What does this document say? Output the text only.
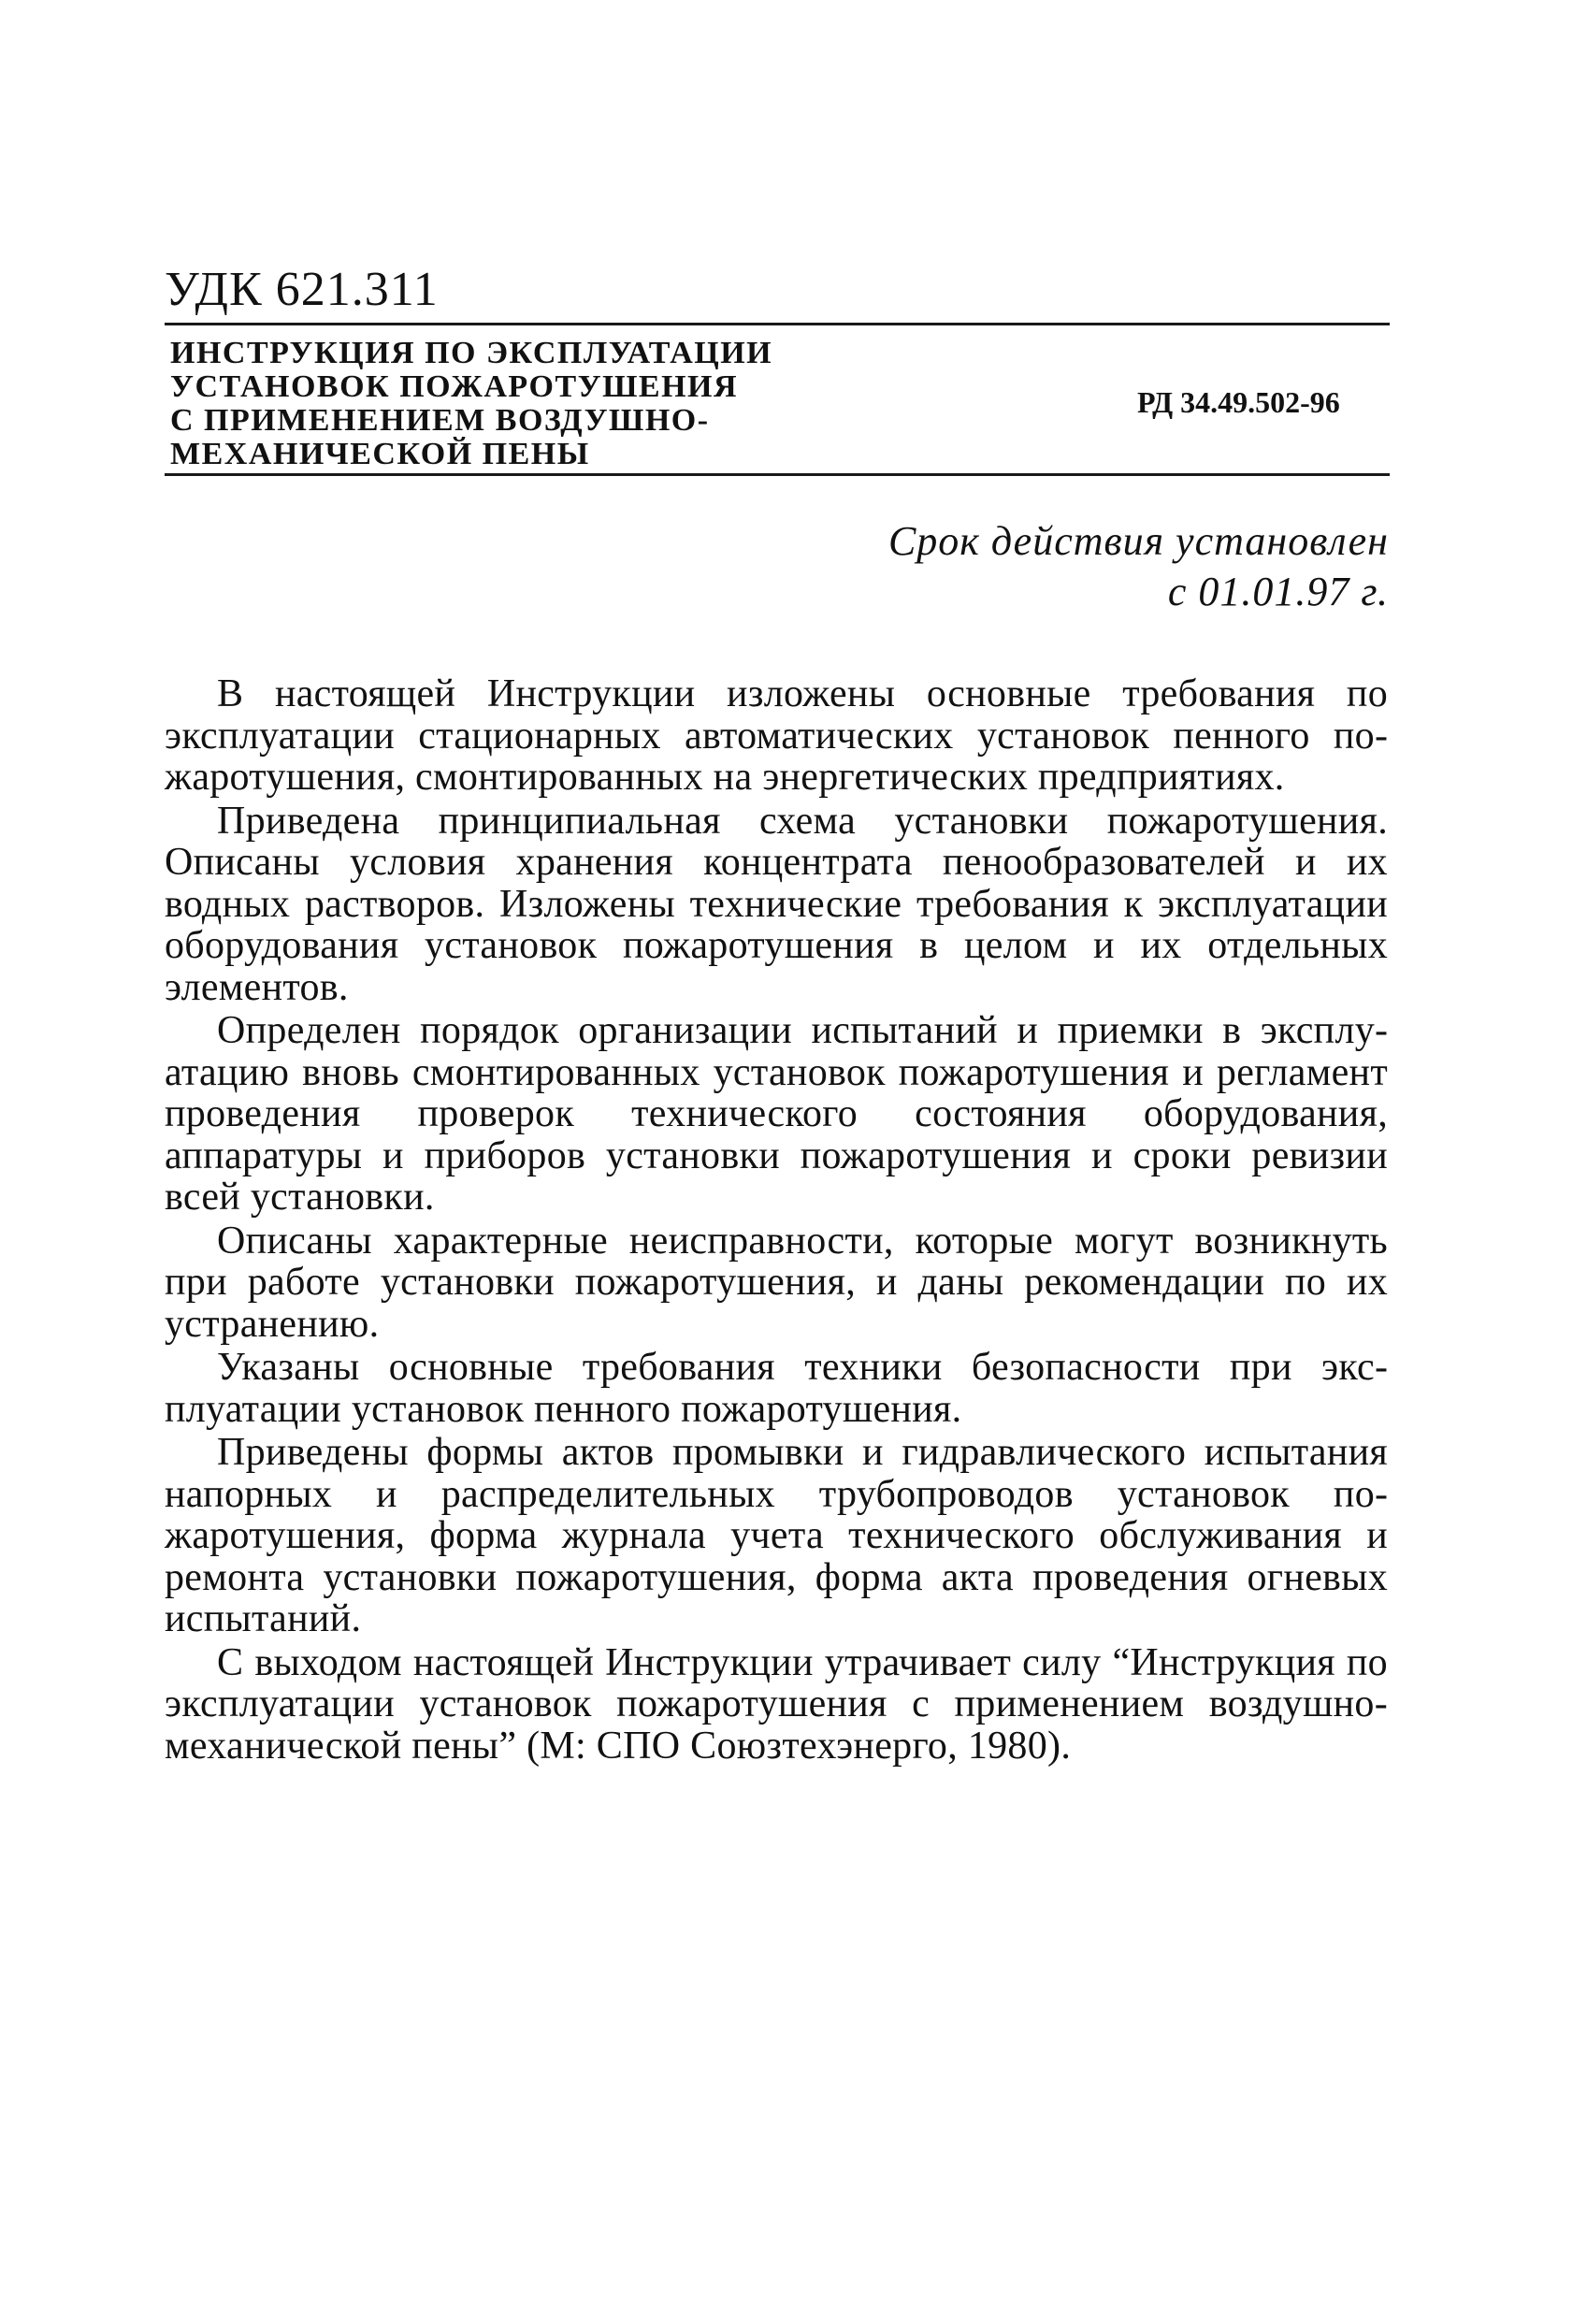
УДК 621.311
ИНСТРУКЦИЯ ПО ЭКСПЛУАТАЦИИ
УСТАНОВОК ПОЖАРОТУШЕНИЯ
С ПРИМЕНЕНИЕМ ВОЗДУШНО-
МЕХАНИЧЕСКОЙ ПЕНЫ
РД 34.49.502-96
Срок действия установлен
с 01.01.97 г.

В настоящей Инструкции изложены основные требования по эксплуатации стационарных автоматических установок пенного пожаротушения, смонтированных на энергетических предприятиях.

Приведена принципиальная схема установки пожаротушения. Описаны условия хранения концентрата пенообразователей и их водных растворов. Изложены технические требования к эксплуатации оборудования установок пожаротушения в целом и их отдельных элементов.

Определен порядок организации испытаний и приемки в эксплуатацию вновь смонтированных установок пожаротушения и регламент проведения проверок технического состояния оборудования, аппаратуры и приборов установки пожаротушения и сроки ревизии всей установки.

Описаны характерные неисправности, которые могут возникнуть при работе установки пожаротушения, и даны рекомендации по их устранению.

Указаны основные требования техники безопасности при эксплуатации установок пенного пожаротушения.

Приведены формы актов промывки и гидравлического испытания напорных и распределительных трубопроводов установок пожаротушения, форма журнала учета технического обслуживания и ремонта установки пожаротушения, форма акта проведения огневых испытаний.

С выходом настоящей Инструкции утрачивает силу “Инструкция по эксплуатации установок пожаротушения с применением воздушно-механической пены” (М: СПО Союзтехэнерго, 1980).
